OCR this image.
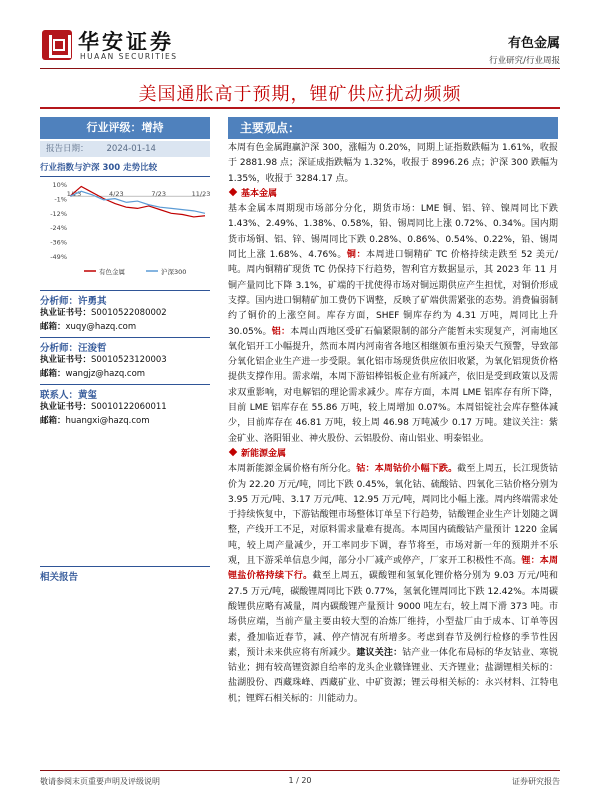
华安证券
HUAAN SECURITIES
有色金属
行业研究/行业周报
美国通胀高于预期，锂矿供应扰动频频
行业评级：增持
报告日期： 2024-01-14
行业指数与沪深 300 走势比较
10%
-1%
-12%
-24%
-36%
-49%
1/23	4/23	7/23	11/23
有色金属	沪深300
分析师：许勇其
执业证书号：S0010522080002
邮箱：xuqy@hazq.com
分析师：汪浚哲
执业证书号：S0010523120003
邮箱：wangjz@hazq.com
联系人：黄玺
执业证书号：S0010122060011
邮箱：huangxi@hazq.com
相关报告
主要观点：

本周有色金属跑赢沪深 300，涨幅为 0.20%，同期上证指数跌幅为 1.61%，收报于 2881.98 点；深证成指跌幅为 1.32%，收报于 8996.26 点；沪深 300 跌幅为 1.35%，收报于 3284.17 点。

基本金属

基本金属本周期现市场部分分化，期货市场：LME 铜、铝、锌、镍周同比下跌 1.43%、2.49%、1.38%、0.58%，铅、锡周同比上涨 0.72%、0.34%。国内期货市场铜、铝、锌、锡周同比下跌 0.28%、0.86%、0.54%、0.22%，铅、锡周同比上涨 1.68%、4.76%。铜：本周进口铜精矿 TC 价格持续走跌至 52 美元/吨。周内铜精矿现货 TC 仍保持下行趋势，智利官方数据显示，其 2023 年 11 月铜产量同比下降 3.1%，矿端的干扰使得市场对铜远期供应产生担忧，对铜价形成支撑。国内进口铜精矿加工费仍下调整，反映了矿端供需紧张的态势。消费偏弱制约了铜价的上涨空间。库存方面，SHEF 铜库存约为 4.31 万吨，周同比上升 30.05%。铝：本周山西地区受矿石偏紧限制的部分产能暂未实现复产，河南地区氧化铝开工小幅提升，然而本周内河南省各地区相继颁布重污染天气预警，导致部分氧化铝企业生产进一步受限。氧化铝市场现货供应依旧收紧，为氧化铝现货价格提供支撑作用。需求端，本周下游铝棒铝板企业有所减产，依旧是受到政策以及需求双重影响，对电解铝的理论需求减少。库存方面，本周 LME 铝库存有所下降，目前 LME 铝库存在 55.86 万吨，较上周增加 0.07%。本周铝锭社会库存整体减少，目前库存在 46.81 万吨，较上周 46.98 万吨减少 0.17 万吨。建议关注：紫金矿业、洛阳钼业、神火股份、云铝股份、南山铝业、明泰铝业。

新能源金属

本周新能源金属价格有所分化。钴：本周钴价小幅下跌。截至上周五，长江现货钴价为 22.20 万元/吨，同比下跌 0.45%，氧化钴、硫酸钴、四氧化三钴价格分别为 3.95 万元/吨、3.17 万元/吨、12.95 万元/吨，周同比小幅上涨。周内终端需求处于持续恢复中，下游钴酸锂市场整体订单呈下行趋势，钴酸锂企业生产计划随之调整，产线开工不足，对原料需求量难有提高。本周国内硫酸钴产量预计 1220 金属吨，较上周产量减少，开工率同步下调，春节将至，市场对新一年的预期并不乐观，且下游采单信息少闻，部分小厂减产或停产，厂家开工积极性不高。锂：本周锂盐价格持续下行。截至上周五，碳酸锂和氢氧化锂价格分别为 9.03 万元/吨和 27.5 万元/吨，碳酸锂周同比下跌 0.77%，氢氧化锂周同比下跌 12.42%。本周碳酸锂供应略有减量，周内碳酸锂产量预计 9000 吨左右，较上周下滑 373 吨。市场供应端，当前产量主要由较大型的冶炼厂维持，小型盐厂由于成本、订单等因素，叠加临近春节，减、停产情况有所增多。考虑到春节及例行检修的季节性因素，预计未来供应将有所减少。建议关注：钴产业一体化布局标的华友钴业、寒锐钴业；拥有较高锂资源自给率的龙头企业赣锋锂业、天齐锂业；盐湖锂相关标的：盐湖股份、西藏珠峰、西藏矿业、中矿资源；锂云母相关标的：永兴材料、江特电机；锂辉石相关标的：川能动力。

敬请参阅末页重要声明及评级说明	1 / 20	证券研究报告
